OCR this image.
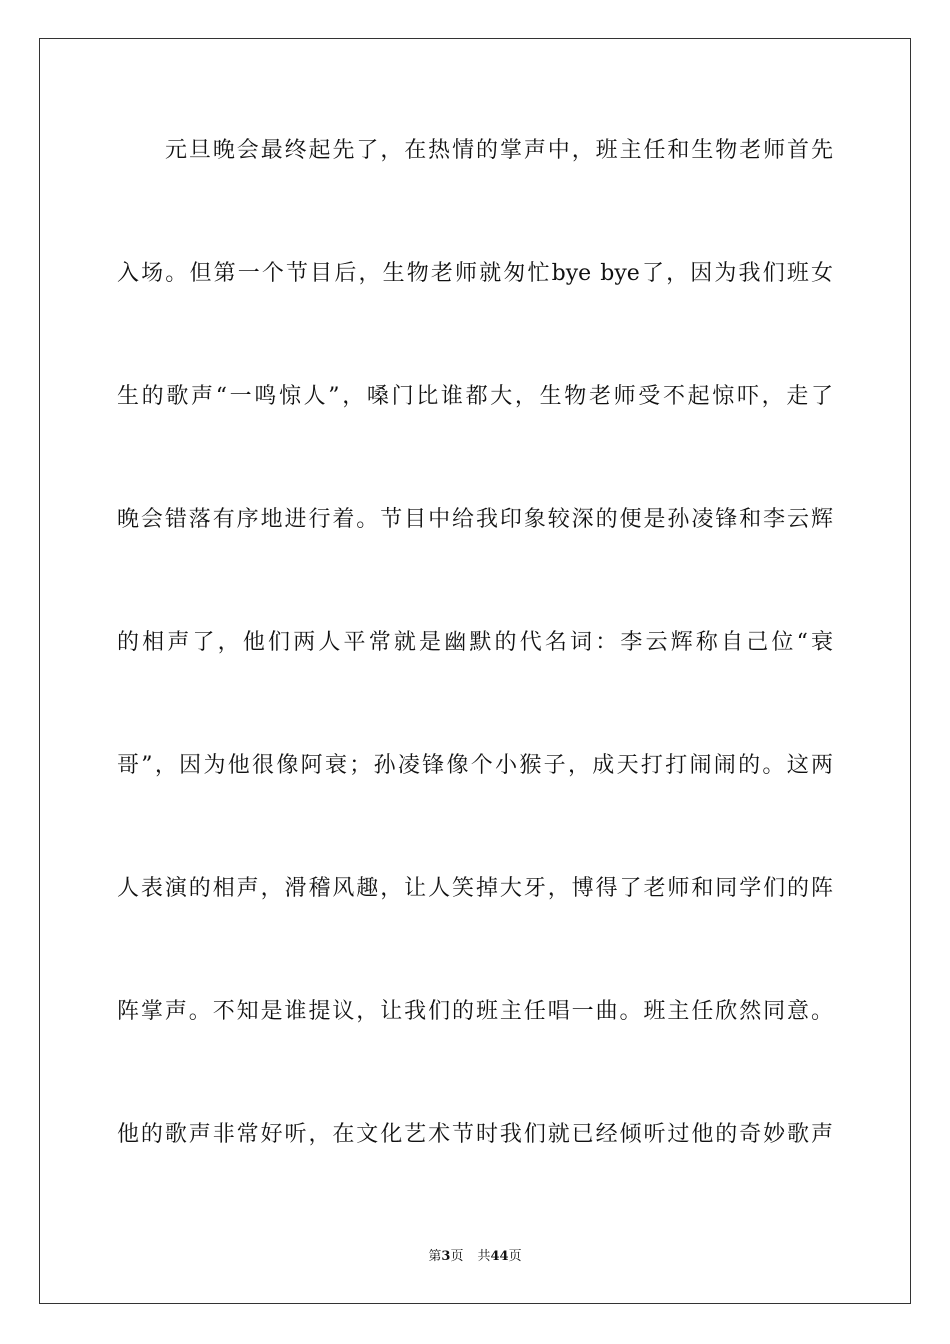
元旦晚会最终起先了，在热情的掌声中，班主任和生物老师首先
入场。但第一个节目后，生物老师就匆忙bye bye了，因为我们班女
生的歌声“一鸣惊人”，嗓门比谁都大，生物老师受不起惊吓，走了
晚会错落有序地进行着。节目中给我印象较深的便是孙凌锋和李云辉
的相声了，他们两人平常就是幽默的代名词：李云辉称自己位“衰
哥”，因为他很像阿衰；孙凌锋像个小猴子，成天打打闹闹的。这两
人表演的相声，滑稽风趣，让人笑掉大牙，博得了老师和同学们的阵
阵掌声。不知是谁提议，让我们的班主任唱一曲。班主任欣然同意。
他的歌声非常好听，在文化艺术节时我们就已经倾听过他的奇妙歌声
第3页 共44页
